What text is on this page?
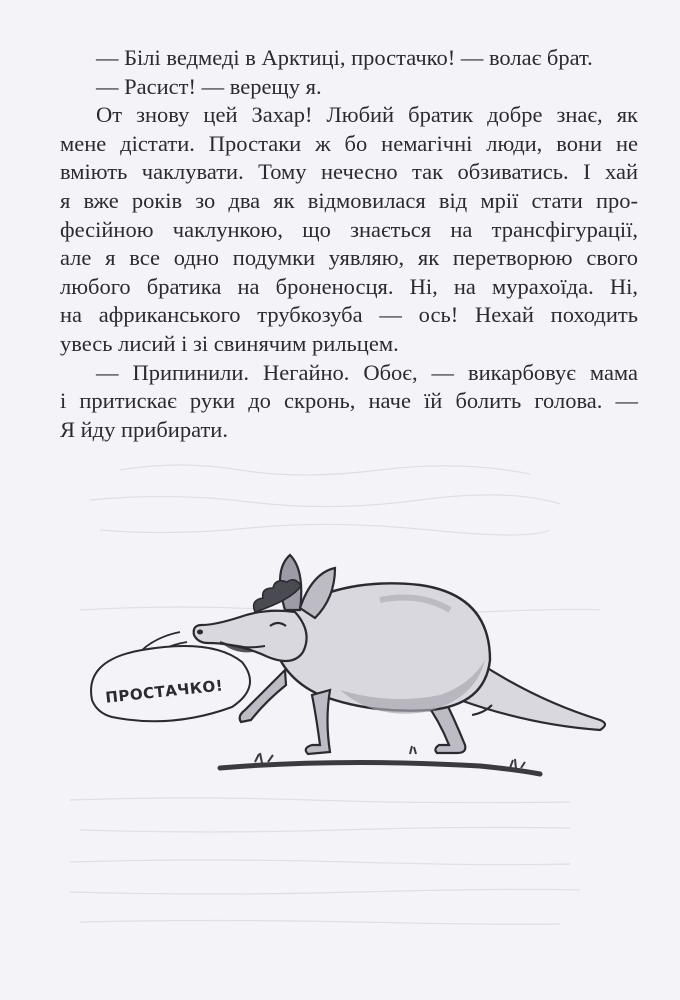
— Білі ведмеді в Арктиці, простачко! — волає брат.

— Расист! — верещу я.

От знову цей Захар! Любий братик добре знає, як
мене дістати. Простаки ж бо немагічні люди, вони не
вміють чаклувати. Тому нечесно так обзиватись. І хай
я вже років зо два як відмовилася від мрії стати про-
фесійною чаклункою, що знається на трансфігурації,
але я все одно подумки уявляю, як перетворюю свого
любого братика на броненосця. Ні, на мурахоїда. Ні,
на африканського трубкозуба — ось! Нехай походить
увесь лисий і зі свинячим рильцем.

— Припинили. Негайно. Обоє, — викарбовує мама
і притискає руки до скронь, наче їй болить голова. —
Я йду прибирати.

ПРОСТАЧКО!
